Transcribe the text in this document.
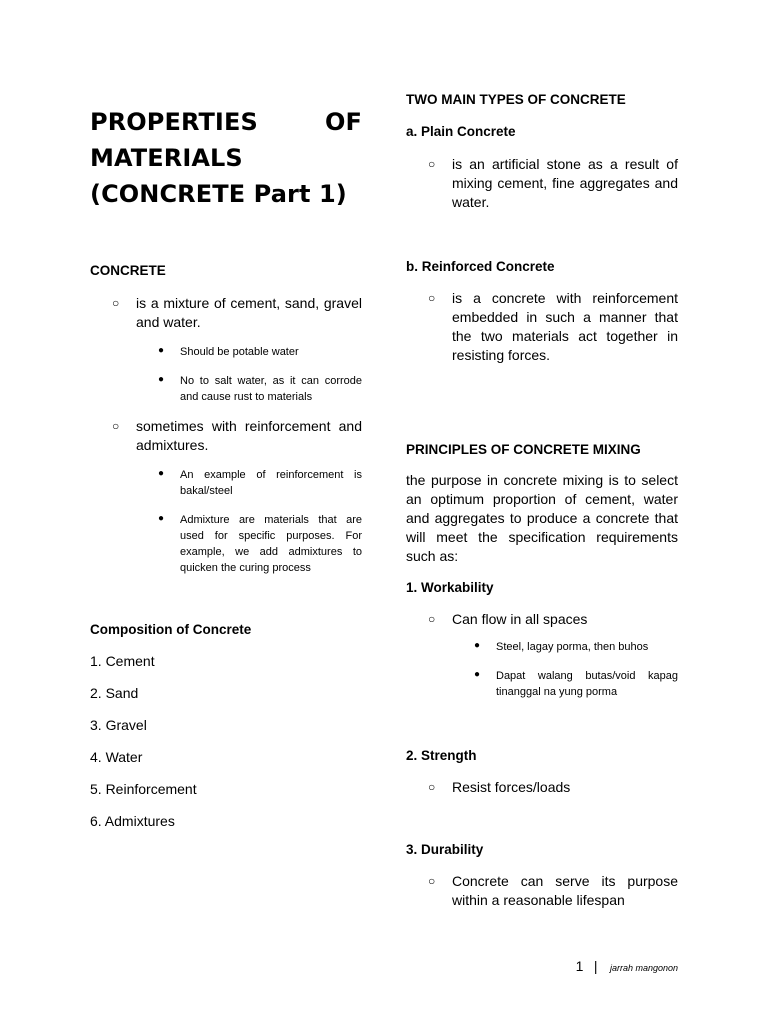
PROPERTIES OF
MATERIALS
(CONCRETE Part 1)

CONCRETE

○ is a mixture of cement, sand, gravel and water.
● Should be potable water
● No to salt water, as it can corrode and cause rust to materials
○ sometimes with reinforcement and admixtures.
● An example of reinforcement is bakal/steel
● Admixture are materials that are used for specific purposes. For example, we add admixtures to quicken the curing process

Composition of Concrete

1. Cement
2. Sand
3. Gravel
4. Water
5. Reinforcement
6. Admixtures

TWO MAIN TYPES OF CONCRETE

a. Plain Concrete

○ is an artificial stone as a result of mixing cement, fine aggregates and water.

b. Reinforced Concrete

○ is a concrete with reinforcement embedded in such a manner that the two materials act together in resisting forces.

PRINCIPLES OF CONCRETE MIXING

the purpose in concrete mixing is to select an optimum proportion of cement, water and aggregates to produce a concrete that will meet the specification requirements such as:

1. Workability

○ Can flow in all spaces
● Steel, lagay porma, then buhos
● Dapat walang butas/void kapag tinanggal na yung porma

2. Strength

○ Resist forces/loads

3. Durability

○ Concrete can serve its purpose within a reasonable lifespan
1 | jarrah mangonon
